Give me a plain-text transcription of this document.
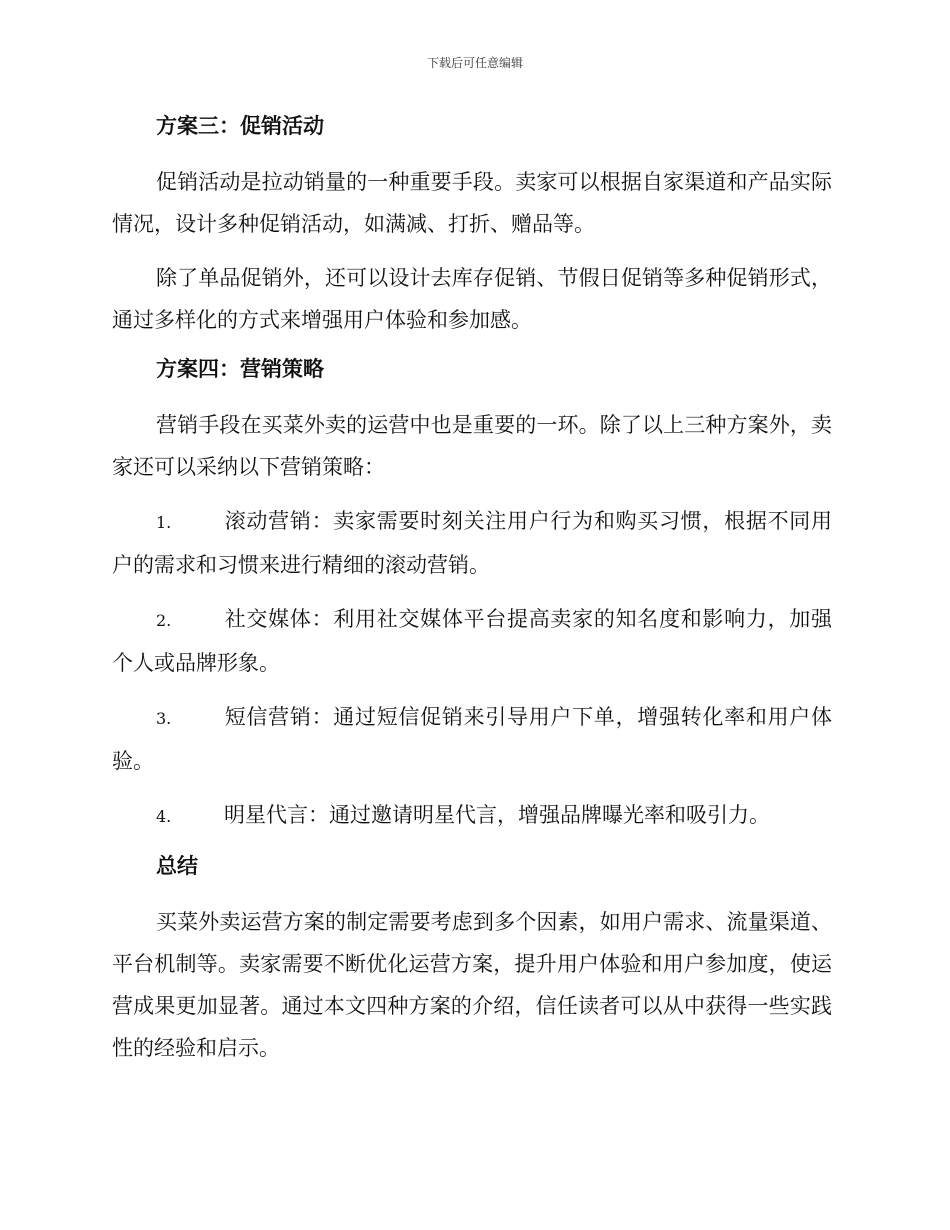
下载后可任意编辑
方案三：促销活动

促销活动是拉动销量的一种重要手段。卖家可以根据自家渠道和产品实际情况，设计多种促销活动，如满减、打折、赠品等。

除了单品促销外，还可以设计去库存促销、节假日促销等多种促销形式，通过多样化的方式来增强用户体验和参加感。

方案四：营销策略

营销手段在买菜外卖的运营中也是重要的一环。除了以上三种方案外，卖家还可以采纳以下营销策略：

1.	滚动营销：卖家需要时刻关注用户行为和购买习惯，根据不同用户的需求和习惯来进行精细的滚动营销。
2.	社交媒体：利用社交媒体平台提高卖家的知名度和影响力，加强个人或品牌形象。
3.	短信营销：通过短信促销来引导用户下单，增强转化率和用户体验。
4.	明星代言：通过邀请明星代言，增强品牌曝光率和吸引力。
总结

买菜外卖运营方案的制定需要考虑到多个因素，如用户需求、流量渠道、平台机制等。卖家需要不断优化运营方案，提升用户体验和用户参加度，使运营成果更加显著。通过本文四种方案的介绍，信任读者可以从中获得一些实践性的经验和启示。
